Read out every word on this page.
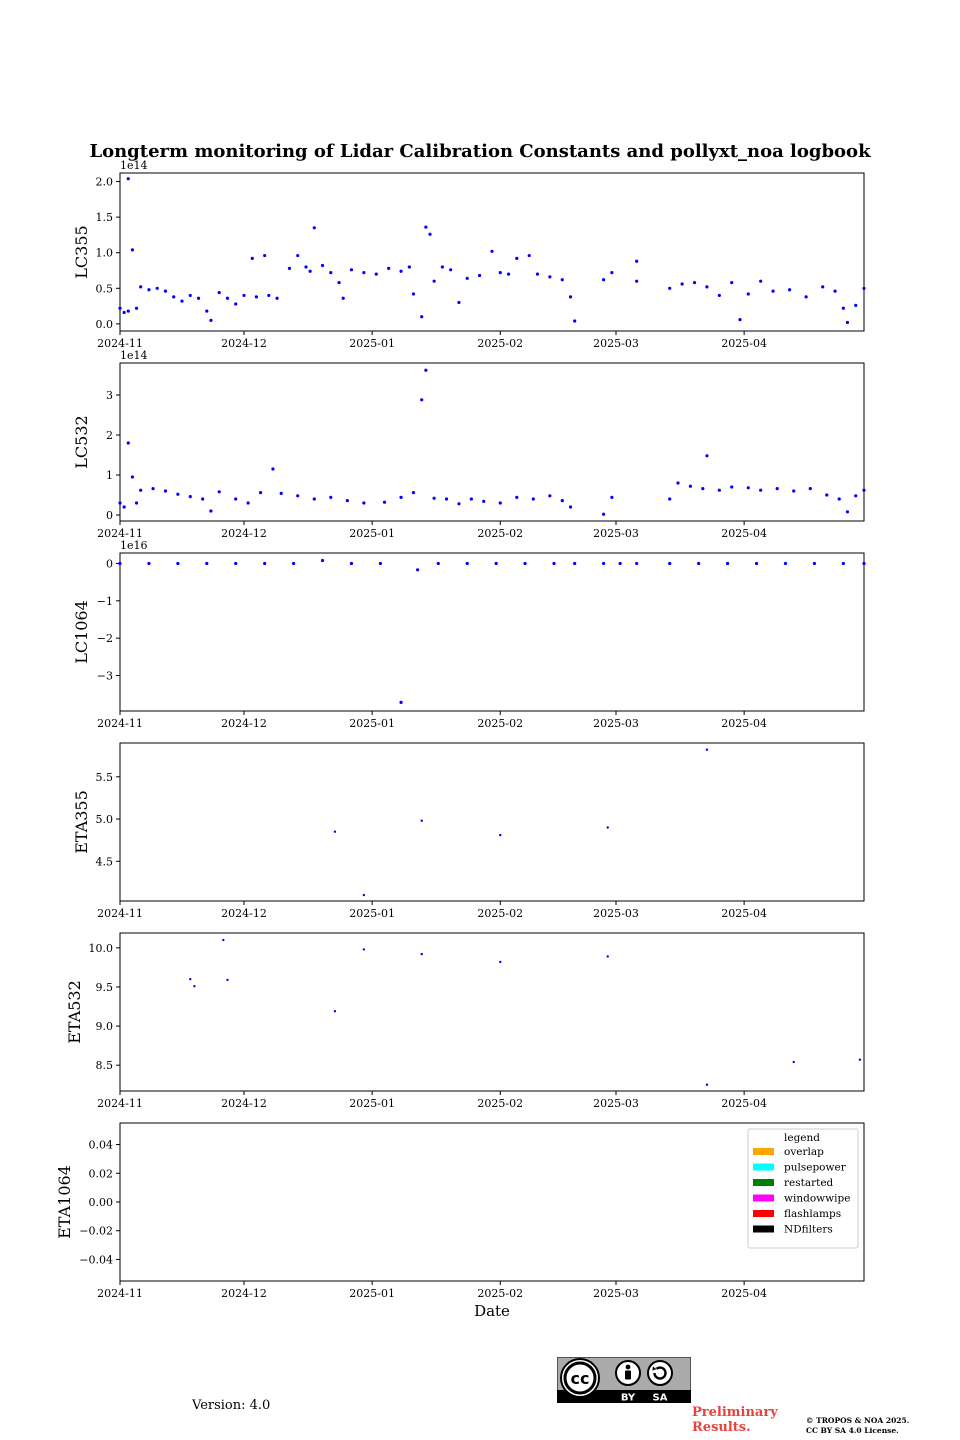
Longterm monitoring of Lidar Calibration Constants and pollyxt_noa logbook
0.0
0.5
1.0
1.5
2.0
2024-11	2024-12	2025-01	2025-02	2025-03	2025-04
LC355
1e14
0
1
2
3
2024-11	2024-12	2025-01	2025-02	2025-03	2025-04
LC532
1e14
0
−1
−2
−3
2024-11	2024-12	2025-01	2025-02	2025-03	2025-04
LC1064
1e16
4.5
5.0
5.5
2024-11	2024-12	2025-01	2025-02	2025-03	2025-04
ETA355
8.5
9.0
9.5
10.0
2024-11	2024-12	2025-01	2025-02	2025-03	2025-04
ETA532
0.04
0.02
0.00
−0.02
−0.04
2024-11	2024-12	2025-01	2025-02	2025-03	2025-04
ETA1064
Date
legend
overlap
pulsepower
restarted
windowwipe
flashlamps
NDfilters
Version: 4.0
cc
BY SA
Preliminary
Results.	© TROPOS & NOA 2025.
CC BY SA 4.0 License.
